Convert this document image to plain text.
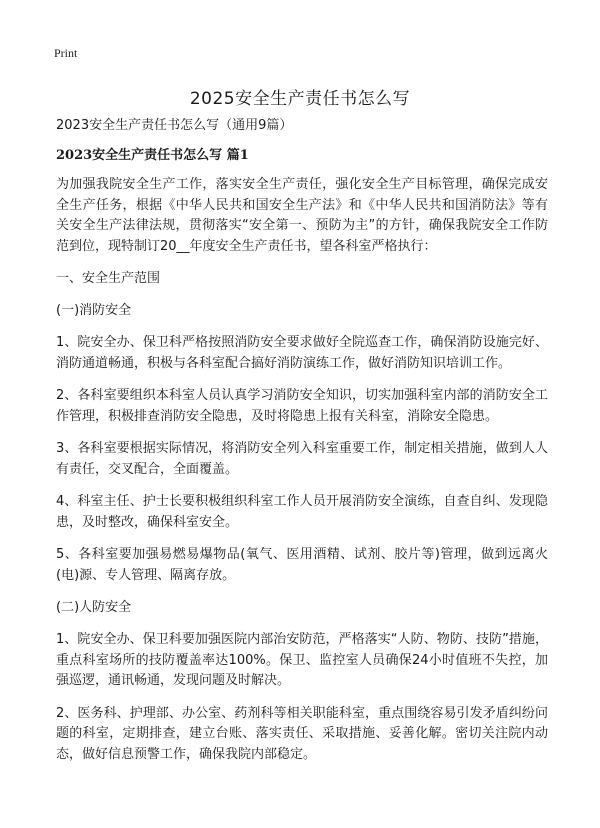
Print
2025安全生产责任书怎么写

2023安全生产责任书怎么写（通用9篇）

2023安全生产责任书怎么写 篇1

为加强我院安全生产工作，落实安全生产责任，强化安全生产目标管理，确保完成安全生产任务，根据《中华人民共和国安全生产法》和《中华人民共和国消防法》等有关安全生产法律法规，贯彻落实“安全第一、预防为主”的方针，确保我院安全工作防范到位，现特制订20__年度安全生产责任书，望各科室严格执行：

一、安全生产范围

(一)消防安全

1、院安全办、保卫科严格按照消防安全要求做好全院巡查工作，确保消防设施完好、消防通道畅通，积极与各科室配合搞好消防演练工作，做好消防知识培训工作。

2、各科室要组织本科室人员认真学习消防安全知识，切实加强科室内部的消防安全工作管理，积极排查消防安全隐患，及时将隐患上报有关科室，消除安全隐患。

3、各科室要根据实际情况，将消防安全列入科室重要工作，制定相关措施，做到人人有责任，交叉配合，全面覆盖。

4、科室主任、护士长要积极组织科室工作人员开展消防安全演练，自查自纠、发现隐患，及时整改，确保科室安全。

5、各科室要加强易燃易爆物品(氧气、医用酒精、试剂、胶片等)管理，做到远离火(电)源、专人管理、隔离存放。

(二)人防安全

1、院安全办、保卫科要加强医院内部治安防范，严格落实“人防、物防、技防”措施，重点科室场所的技防覆盖率达100%。保卫、监控室人员确保24小时值班不失控，加强巡逻，通讯畅通，发现问题及时解决。

2、医务科、护理部、办公室、药剂科等相关职能科室，重点围绕容易引发矛盾纠纷问题的科室，定期排查，建立台账、落实责任、采取措施、妥善化解。密切关注院内动态，做好信息预警工作，确保我院内部稳定。
